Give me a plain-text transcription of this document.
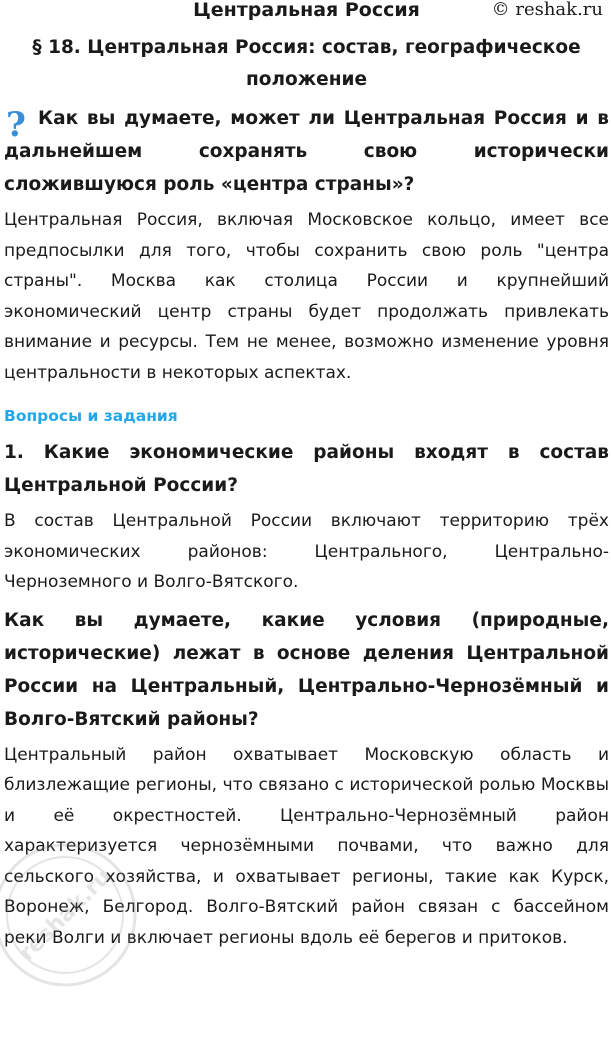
Центральная Россия	© reshak.ru
§ 18. Центральная Россия: состав, географическое положение
? Как вы думаете, может ли Центральная Россия и в дальнейшем сохранять свою исторически сложившуюся роль «центра страны»?

Центральная Россия, включая Московское кольцо, имеет все предпосылки для того, чтобы сохранить свою роль "центра страны". Москва как столица России и крупнейший экономический центр страны будет продолжать привлекать внимание и ресурсы. Тем не менее, возможно изменение уровня центральности в некоторых аспектах.

Вопросы и задания

1. Какие экономические районы входят в состав Центральной России?

В состав Центральной России включают территорию трёх экономических районов: Центрального, Центрально-Черноземного и Волго-Вятского.

Как вы думаете, какие условия (природные, исторические) лежат в основе деления Центральной России на Центральный, Центрально-Чернозёмный и Волго-Вятский районы?

Центральный район охватывает Московскую область и близлежащие регионы, что связано с исторической ролью Москвы и её окрестностей. Центрально-Чернозёмный район характеризуется чернозёмными почвами, что важно для сельского хозяйства, и охватывает регионы, такие как Курск, Воронеж, Белгород. Волго-Вятский район связан с бассейном реки Волги и включает регионы вдоль её берегов и притоков.

reshak.ru
